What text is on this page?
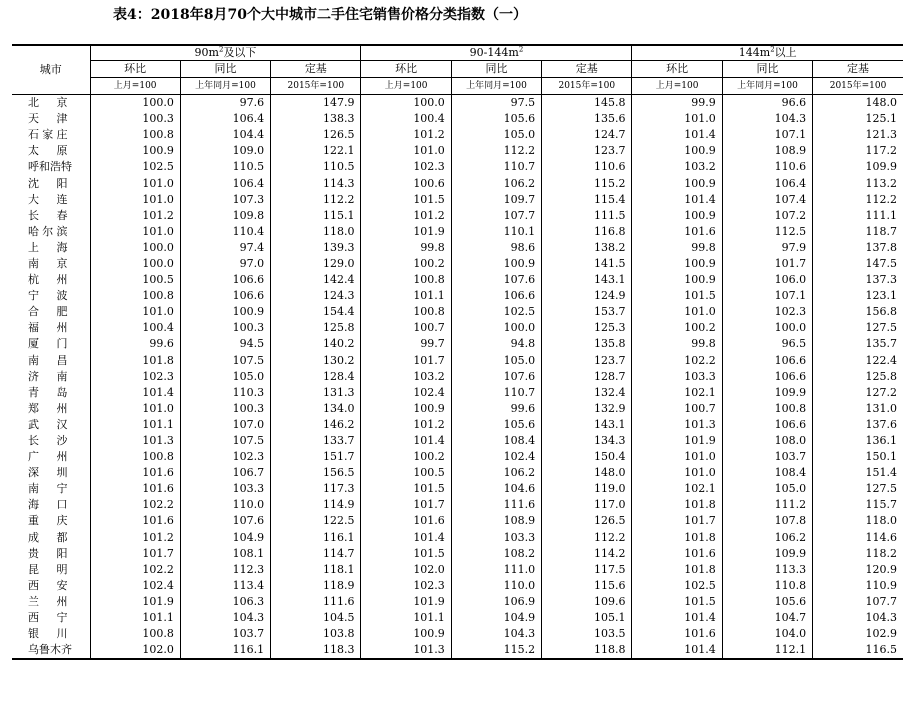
表4：2018年8月70个大中城市二手住宅销售价格分类指数（一）
城市	$90m^2$及以下			$90-144m^2$			$144m^2$以上		
	环比	同比	定基	环比	同比	定基	环比	同比	定基
	上月=100	上年同月=100	2015年=100	上月=100	上年同月=100	2015年=100	上月=100	上年同月=100	2015年=100
北京	100.0	97.6	147.9	100.0	97.5	145.8	99.9	96.6	148.0
天津	100.3	106.4	138.3	100.4	105.6	135.6	101.0	104.3	125.1
石家庄	100.8	104.4	126.5	101.2	105.0	124.7	101.4	107.1	121.3
太原	100.9	109.0	122.1	101.0	112.2	123.7	100.9	108.9	117.2
呼和浩特	102.5	110.5	110.5	102.3	110.7	110.6	103.2	110.6	109.9
沈阳	101.0	106.4	114.3	100.6	106.2	115.2	100.9	106.4	113.2
大连	101.0	107.3	112.2	101.5	109.7	115.4	101.4	107.4	112.2
长春	101.2	109.8	115.1	101.2	107.7	111.5	100.9	107.2	111.1
哈尔滨	101.0	110.4	118.0	101.9	110.1	116.8	101.6	112.5	118.7
上海	100.0	97.4	139.3	99.8	98.6	138.2	99.8	97.9	137.8
南京	100.0	97.0	129.0	100.2	100.9	141.5	100.9	101.7	147.5
杭州	100.5	106.6	142.4	100.8	107.6	143.1	100.9	106.0	137.3
宁波	100.8	106.6	124.3	101.1	106.6	124.9	101.5	107.1	123.1
合肥	101.0	100.9	154.4	100.8	102.5	153.7	101.0	102.3	156.8
福州	100.4	100.3	125.8	100.7	100.0	125.3	100.2	100.0	127.5
厦门	99.6	94.5	140.2	99.7	94.8	135.8	99.8	96.5	135.7
南昌	101.8	107.5	130.2	101.7	105.0	123.7	102.2	106.6	122.4
济南	102.3	105.0	128.4	103.2	107.6	128.7	103.3	106.6	125.8
青岛	101.4	110.3	131.3	102.4	110.7	132.4	102.1	109.9	127.2
郑州	101.0	100.3	134.0	100.9	99.6	132.9	100.7	100.8	131.0
武汉	101.1	107.0	146.2	101.2	105.6	143.1	101.3	106.6	137.6
长沙	101.3	107.5	133.7	101.4	108.4	134.3	101.9	108.0	136.1
广州	100.8	102.3	151.7	100.2	102.4	150.4	101.0	103.7	150.1
深圳	101.6	106.7	156.5	100.5	106.2	148.0	101.0	108.4	151.4
南宁	101.6	103.3	117.3	101.5	104.6	119.0	102.1	105.0	127.5
海口	102.2	110.0	114.9	101.7	111.6	117.0	101.8	111.2	115.7
重庆	101.6	107.6	122.5	101.6	108.9	126.5	101.7	107.8	118.0
成都	101.2	104.9	116.1	101.4	103.3	112.2	101.8	106.2	114.6
贵阳	101.7	108.1	114.7	101.5	108.2	114.2	101.6	109.9	118.2
昆明	102.2	112.3	118.1	102.0	111.0	117.5	101.8	113.3	120.9
西安	102.4	113.4	118.9	102.3	110.0	115.6	102.5	110.8	110.9
兰州	101.9	106.3	111.6	101.9	106.9	109.6	101.5	105.6	107.7
西宁	101.1	104.3	104.5	101.1	104.9	105.1	101.4	104.7	104.3
银川	100.8	103.7	103.8	100.9	104.3	103.5	101.6	104.0	102.9
乌鲁木齐	102.0	116.1	118.3	101.3	115.2	118.8	101.4	112.1	116.5
